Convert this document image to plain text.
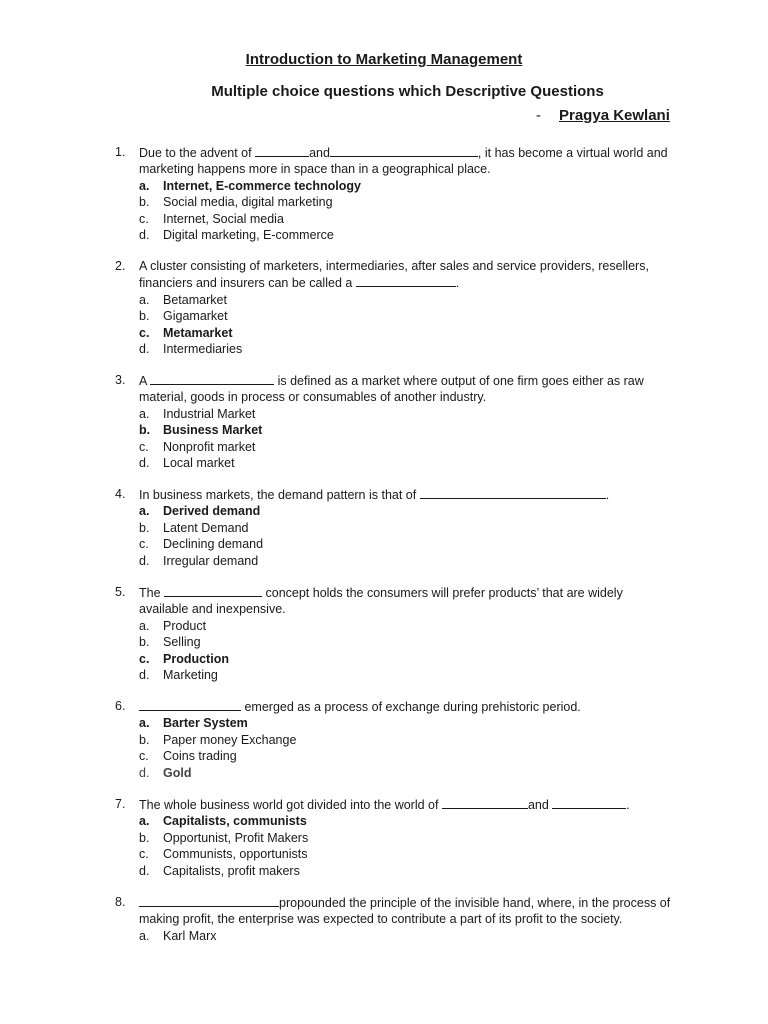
Introduction to Marketing Management
Multiple choice questions which Descriptive Questions
- Pragya Kewlani
1.	Due to the advent of	and	, it has become a virtual world and marketing happens more in space than in a geographical place.
a. Internet, E-commerce technology
b. Social media, digital marketing
c. Internet, Social media
d. Digital marketing, E-commerce
2.	A cluster consisting of marketers, intermediaries, after sales and service providers, resellers, financiers and insurers can be called a	.
a. Betamarket
b. Gigamarket
c. Metamarket
d. Intermediaries
3.	A	is defined as a market where output of one firm goes either as raw material, goods in process or consumables of another industry.
a. Industrial Market
b. Business Market
c. Nonprofit market
d. Local market
4.	In business markets, the demand pattern is that of	.
a. Derived demand
b. Latent Demand
c. Declining demand
d. Irregular demand
5.	The	concept holds the consumers will prefer products’ that are widely available and inexpensive.
a. Product
b. Selling
c. Production
d. Marketing
6.	emerged as a process of exchange during prehistoric period.
a. Barter System
b. Paper money Exchange
c. Coins trading
d. Gold
7.	The whole business world got divided into the world of	and	.
a. Capitalists, communists
b. Opportunist, Profit Makers
c. Communists, opportunists
d. Capitalists, profit makers
8.	propounded the principle of the invisible hand, where, in the process of making profit, the enterprise was expected to contribute a part of its profit to the society.
a. Karl Marx
